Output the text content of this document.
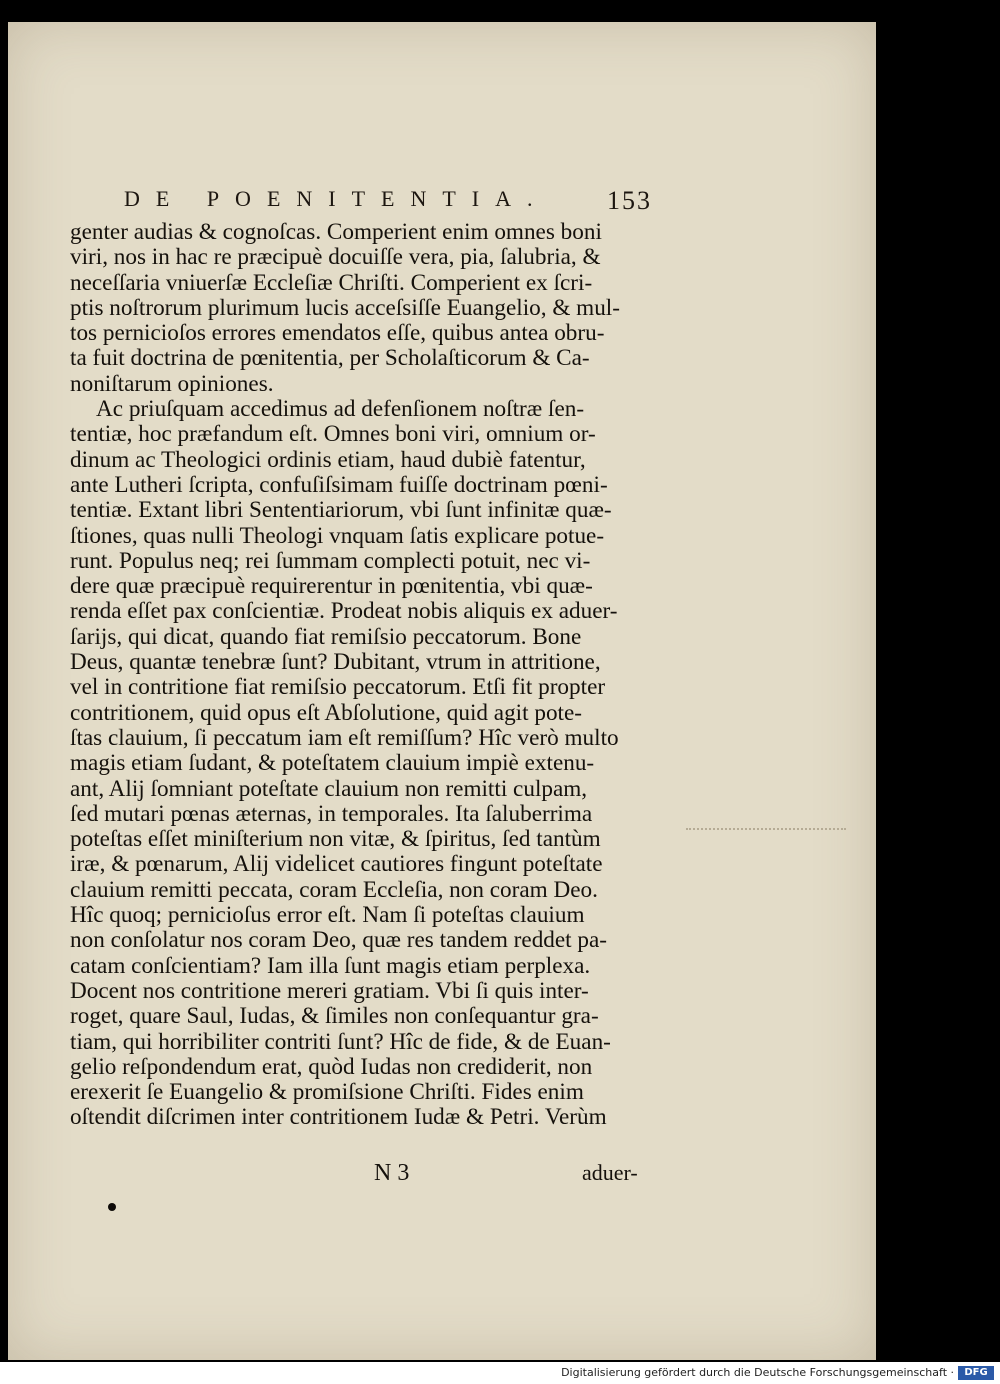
DE POENITENTIA. 153
genter audias & cognoſcas. Comperient enim omnes boni
viri, nos in hac re præcipuè docuiſſe vera, pia, ſalubria, &
neceſſaria vniuerſæ Eccleſiæ Chriſti. Comperient ex ſcri-
ptis noſtrorum plurimum lucis acceſsiſſe Euangelio, & mul-
tos pernicioſos errores emendatos eſſe, quibus antea obru-
ta fuit doctrina de pœnitentia, per Scholaſticorum & Ca-
noniſtarum opiniones.
Ac priuſquam accedimus ad defenſionem noſtræ ſen-
tentiæ, hoc præfandum eſt. Omnes boni viri, omnium or-
dinum ac Theologici ordinis etiam, haud dubiè fatentur,
ante Lutheri ſcripta, confuſiſsimam fuiſſe doctrinam pœni-
tentiæ. Extant libri Sententiariorum, vbi ſunt infinitæ quæ-
ſtiones, quas nulli Theologi vnquam ſatis explicare potue-
runt. Populus neq; rei ſummam complecti potuit, nec vi-
dere quæ præcipuè requirerentur in pœnitentia, vbi quæ-
renda eſſet pax conſcientiæ. Prodeat nobis aliquis ex aduer-
ſarijs, qui dicat, quando fiat remiſsio peccatorum. Bone
Deus, quantæ tenebræ ſunt? Dubitant, vtrum in attritione,
vel in contritione fiat remiſsio peccatorum. Etſi fit propter
contritionem, quid opus eſt Abſolutione, quid agit pote-
ſtas clauium, ſi peccatum iam eſt remiſſum? Hîc verò multo
magis etiam ſudant, & poteſtatem clauium impiè extenu-
ant, Alij ſomniant poteſtate clauium non remitti culpam,
ſed mutari pœnas æternas, in temporales. Ita ſaluberrima
poteſtas eſſet miniſterium non vitæ, & ſpiritus, ſed tantùm
iræ, & pœnarum, Alij videlicet cautiores fingunt poteſtate
clauium remitti peccata, coram Eccleſia, non coram Deo.
Hîc quoq; pernicioſus error eſt. Nam ſi poteſtas clauium
non conſolatur nos coram Deo, quæ res tandem reddet pa-
catam conſcientiam? Iam illa ſunt magis etiam perplexa.
Docent nos contritione mereri gratiam. Vbi ſi quis inter-
roget, quare Saul, Iudas, & ſimiles non conſequantur gra-
tiam, qui horribiliter contriti ſunt? Hîc de fide, & de Euan-
gelio reſpondendum erat, quòd Iudas non crediderit, non
erexerit ſe Euangelio & promiſsione Chriſti. Fides enim
oſtendit diſcrimen inter contritionem Iudæ & Petri. Verùm
N 3	aduer-
Digitalisierung gefördert durch die Deutsche Forschungsgemeinschaft ·	DFG
